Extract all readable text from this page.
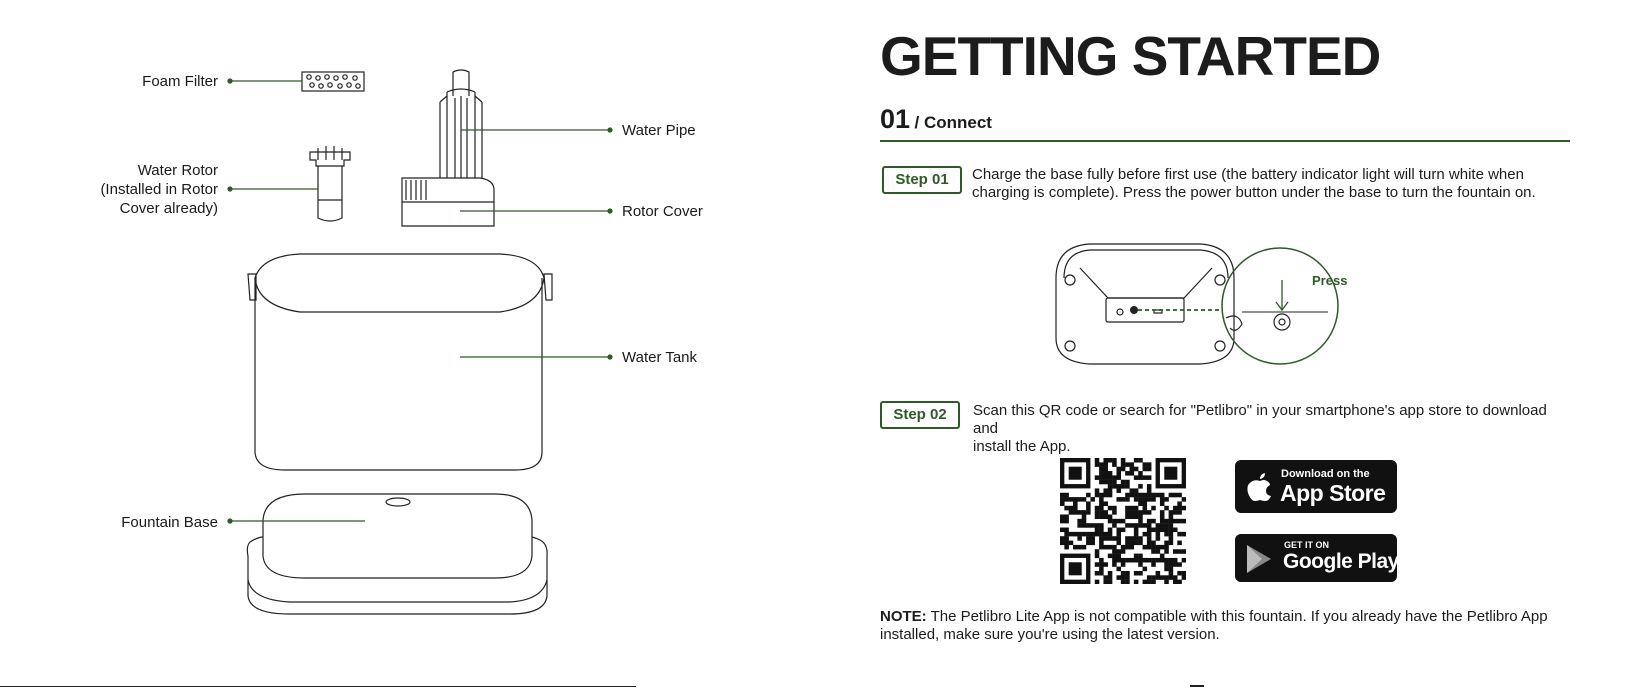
Foam Filter
Water Rotor
(Installed in Rotor
Cover already)
Water Pipe
Rotor Cover
Water Tank
Fountain Base
GETTING STARTED
01 / Connect
Step 01	Charge the base fully before first use (the battery indicator light will turn white when
charging is complete). Press the power button under the base to turn the fountain on.
Press
Step 02	Scan this QR code or search for "Petlibro" in your smartphone's app store to download and
install the App.
Download on the
App Store
GET IT ON
Google Play
NOTE: The Petlibro Lite App is not compatible with this fountain. If you already have the Petlibro App
installed, make sure you're using the latest version.
